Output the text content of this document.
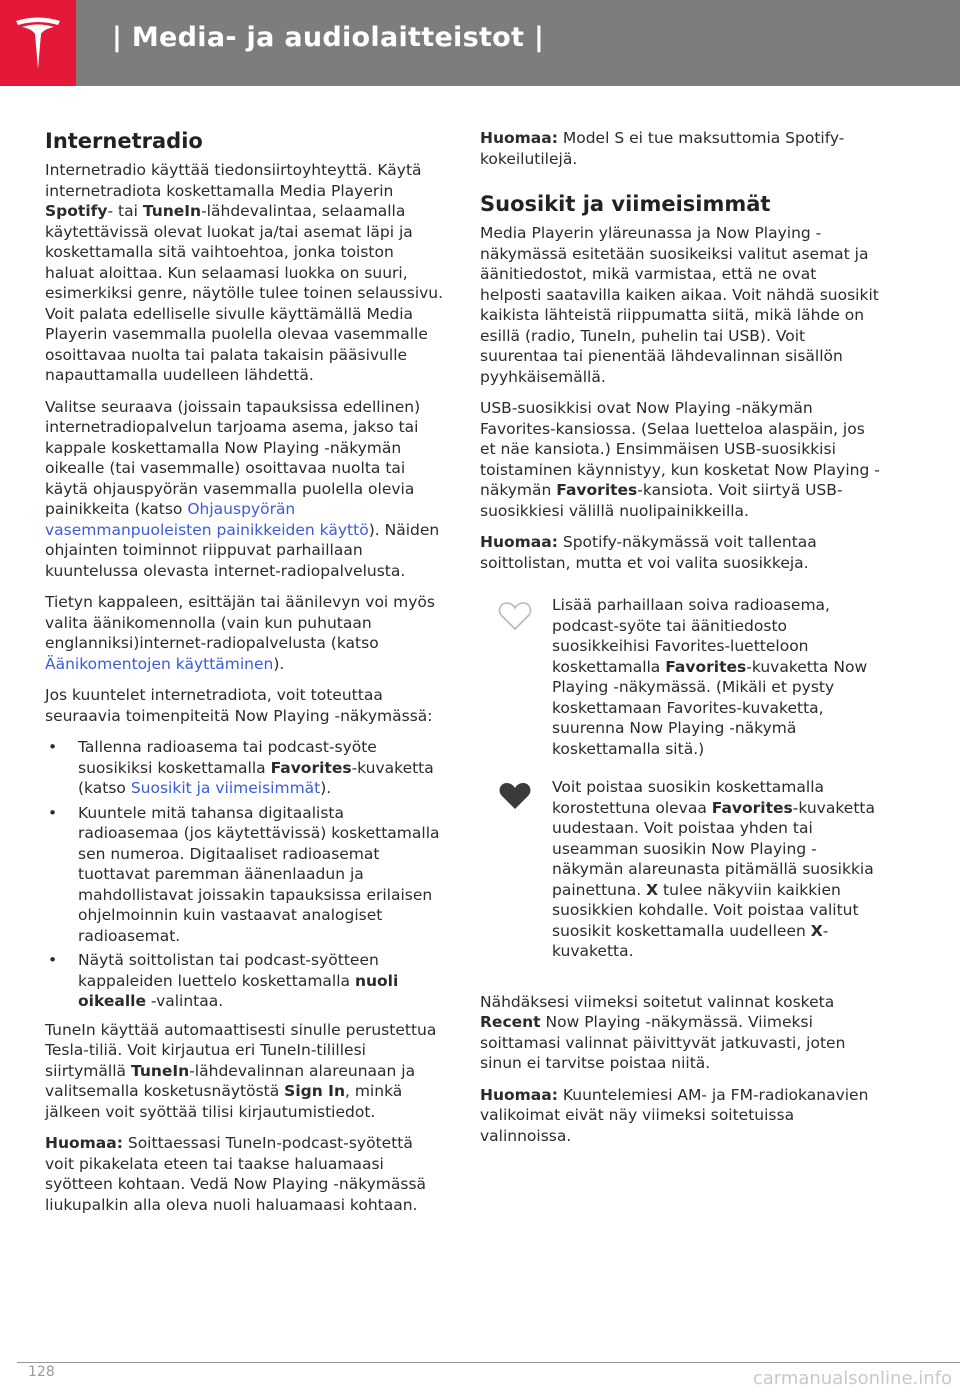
| Media- ja audiolaitteistot |
Internetradio

Internetradio käyttää tiedonsiirtoyhteyttä. Käytä internetradiota koskettamalla Media Playerin Spotify- tai TuneIn-lähdevalintaa, selaamalla käytettävissä olevat luokat ja/tai asemat läpi ja koskettamalla sitä vaihtoehtoa, jonka toiston haluat aloittaa. Kun selaamasi luokka on suuri, esimerkiksi genre, näytölle tulee toinen selaussivu. Voit palata edelliselle sivulle käyttämällä Media Playerin vasemmalla puolella olevaa vasemmalle osoittavaa nuolta tai palata takaisin pääsivulle napauttamalla uudelleen lähdettä.

Valitse seuraava (joissain tapauksissa edellinen) internetradiopalvelun tarjoama asema, jakso tai kappale koskettamalla Now Playing -näkymän oikealle (tai vasemmalle) osoittavaa nuolta tai käytä ohjauspyörän vasemmalla puolella olevia painikkeita (katso Ohjauspyörän vasemmanpuoleisten painikkeiden käyttö). Näiden ohjainten toiminnot riippuvat parhaillaan kuuntelussa olevasta internet-radiopalvelusta.

Tietyn kappaleen, esittäjän tai äänilevyn voi myös valita äänikomennolla (vain kun puhutaan englanniksi)internet-radiopalvelusta (katso Äänikomentojen käyttäminen).

Jos kuuntelet internetradiota, voit toteuttaa seuraavia toimenpiteitä Now Playing -näkymässä:

• Tallenna radioasema tai podcast-syöte suosikiksi koskettamalla Favorites-kuvaketta (katso Suosikit ja viimeisimmät).
• Kuuntele mitä tahansa digitaalista radioasemaa (jos käytettävissä) koskettamalla sen numeroa. Digitaaliset radioasemat tuottavat paremman äänenlaadun ja mahdollistavat joissakin tapauksissa erilaisen ohjelmoinnin kuin vastaavat analogiset radioasemat.
• Näytä soittolistan tai podcast-syötteen kappaleiden luettelo koskettamalla nuoli oikealle -valintaa.

TuneIn käyttää automaattisesti sinulle perustettua Tesla-tiliä. Voit kirjautua eri TuneIn-tilillesi siirtymällä TuneIn-lähdevalinnan alareunaan ja valitsemalla kosketusnäytöstä Sign In, minkä jälkeen voit syöttää tilisi kirjautumistiedot.

Huomaa: Soittaessasi TuneIn-podcast-syötettä voit pikakelata eteen tai taakse haluamaasi syötteen kohtaan. Vedä Now Playing -näkymässä liukupalkin alla oleva nuoli haluamaasi kohtaan.

Huomaa: Model S ei tue maksuttomia Spotify-kokeilutilejä.

Suosikit ja viimeisimmät

Media Playerin yläreunassa ja Now Playing -näkymässä esitetään suosikeiksi valitut asemat ja äänitiedostot, mikä varmistaa, että ne ovat helposti saatavilla kaiken aikaa. Voit nähdä suosikit kaikista lähteistä riippumatta siitä, mikä lähde on esillä (radio, TuneIn, puhelin tai USB). Voit suurentaa tai pienentää lähdevalinnan sisällön pyyhkäisemällä.

USB-suosikkisi ovat Now Playing -näkymän Favorites-kansiossa. (Selaa luetteloa alaspäin, jos et näe kansiota.) Ensimmäisen USB-suosikkisi toistaminen käynnistyy, kun kosketat Now Playing -näkymän Favorites-kansiota. Voit siirtyä USB-suosikkiesi välillä nuolipainikkeilla.

Huomaa: Spotify-näkymässä voit tallentaa soittolistan, mutta et voi valita suosikkeja.

Lisää parhaillaan soiva radioasema, podcast-syöte tai äänitiedosto suosikkeihisi Favorites-luetteloon koskettamalla Favorites-kuvaketta Now Playing -näkymässä. (Mikäli et pysty koskettamaan Favorites-kuvaketta, suurenna Now Playing -näkymä koskettamalla sitä.)
Voit poistaa suosikin koskettamalla korostettuna olevaa Favorites-kuvaketta uudestaan. Voit poistaa yhden tai useamman suosikin Now Playing -näkymän alareunasta pitämällä suosikkia painettuna. X tulee näkyviin kaikkien suosikkien kohdalle. Voit poistaa valitut suosikit koskettamalla uudelleen X-kuvaketta.

Nähdäksesi viimeksi soitetut valinnat kosketa Recent Now Playing -näkymässä. Viimeksi soittamasi valinnat päivittyvät jatkuvasti, joten sinun ei tarvitse poistaa niitä.

Huomaa: Kuuntelemiesi AM- ja FM-radiokanavien valikoimat eivät näy viimeksi soitetuissa valinnoissa.

128	carmanualsonline.info
